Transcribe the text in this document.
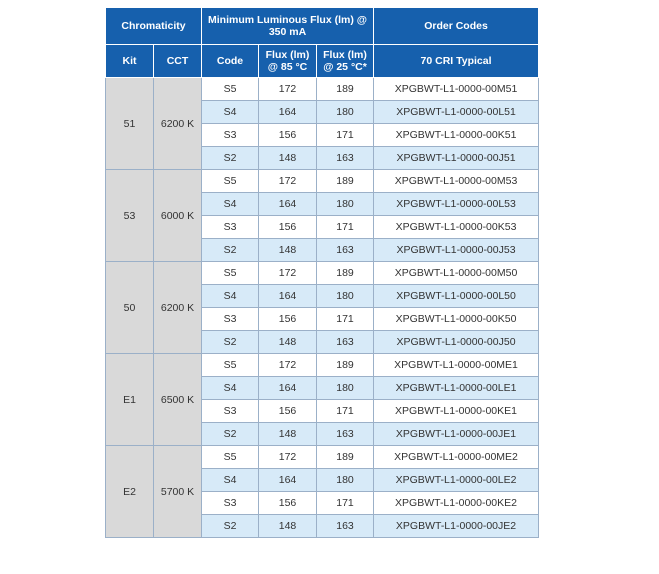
Chromaticity		Minimum Luminous Flux (lm) @ 350 mA			Order Codes
Kit	CCT	Code	Flux (lm) @ 85 °C	Flux (lm) @ 25 °C*	70 CRI Typical
51	6200 K	S5	172	189	XPGBWT-L1-0000-00M51
		S4	164	180	XPGBWT-L1-0000-00L51
		S3	156	171	XPGBWT-L1-0000-00K51
		S2	148	163	XPGBWT-L1-0000-00J51
53	6000 K	S5	172	189	XPGBWT-L1-0000-00M53
		S4	164	180	XPGBWT-L1-0000-00L53
		S3	156	171	XPGBWT-L1-0000-00K53
		S2	148	163	XPGBWT-L1-0000-00J53
50	6200 K	S5	172	189	XPGBWT-L1-0000-00M50
		S4	164	180	XPGBWT-L1-0000-00L50
		S3	156	171	XPGBWT-L1-0000-00K50
		S2	148	163	XPGBWT-L1-0000-00J50
E1	6500 K	S5	172	189	XPGBWT-L1-0000-00ME1
		S4	164	180	XPGBWT-L1-0000-00LE1
		S3	156	171	XPGBWT-L1-0000-00KE1
		S2	148	163	XPGBWT-L1-0000-00JE1
E2	5700 K	S5	172	189	XPGBWT-L1-0000-00ME2
		S4	164	180	XPGBWT-L1-0000-00LE2
		S3	156	171	XPGBWT-L1-0000-00KE2
		S2	148	163	XPGBWT-L1-0000-00JE2
